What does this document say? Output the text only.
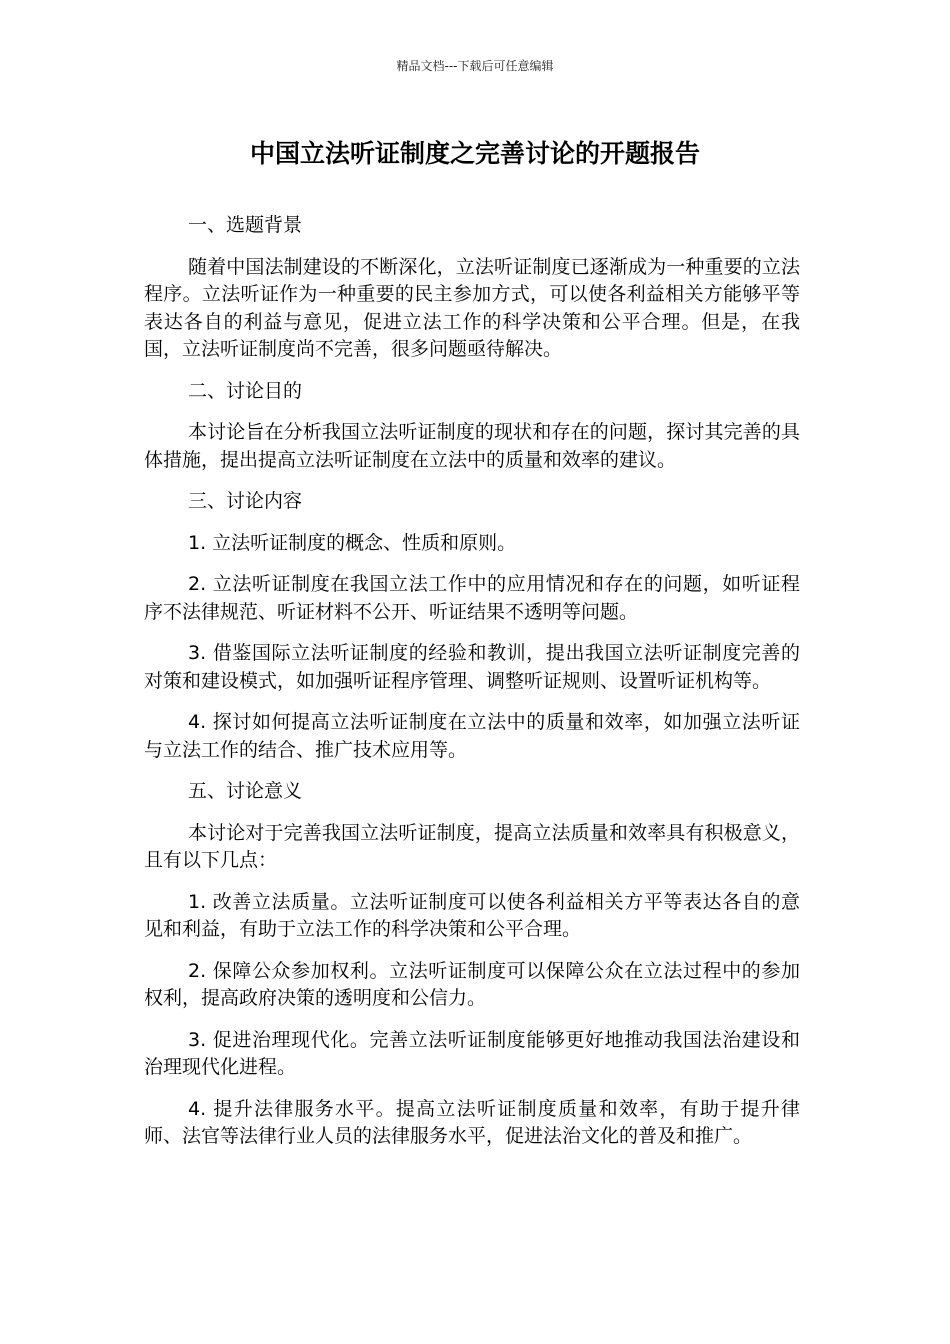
精品文档---下载后可任意编辑
中国立法听证制度之完善讨论的开题报告

一、选题背景

随着中国法制建设的不断深化，立法听证制度已逐渐成为一种重要的立法程序。立法听证作为一种重要的民主参加方式，可以使各利益相关方能够平等表达各自的利益与意见，促进立法工作的科学决策和公平合理。但是，在我国，立法听证制度尚不完善，很多问题亟待解决。

二、讨论目的

本讨论旨在分析我国立法听证制度的现状和存在的问题，探讨其完善的具体措施，提出提高立法听证制度在立法中的质量和效率的建议。

三、讨论内容

1. 立法听证制度的概念、性质和原则。

2. 立法听证制度在我国立法工作中的应用情况和存在的问题，如听证程序不法律规范、听证材料不公开、听证结果不透明等问题。

3. 借鉴国际立法听证制度的经验和教训，提出我国立法听证制度完善的对策和建设模式，如加强听证程序管理、调整听证规则、设置听证机构等。

4. 探讨如何提高立法听证制度在立法中的质量和效率，如加强立法听证与立法工作的结合、推广技术应用等。

五、讨论意义

本讨论对于完善我国立法听证制度，提高立法质量和效率具有积极意义，且有以下几点：

1. 改善立法质量。立法听证制度可以使各利益相关方平等表达各自的意见和利益，有助于立法工作的科学决策和公平合理。

2. 保障公众参加权利。立法听证制度可以保障公众在立法过程中的参加权利，提高政府决策的透明度和公信力。

3. 促进治理现代化。完善立法听证制度能够更好地推动我国法治建设和治理现代化进程。

4. 提升法律服务水平。提高立法听证制度质量和效率，有助于提升律师、法官等法律行业人员的法律服务水平，促进法治文化的普及和推广。
